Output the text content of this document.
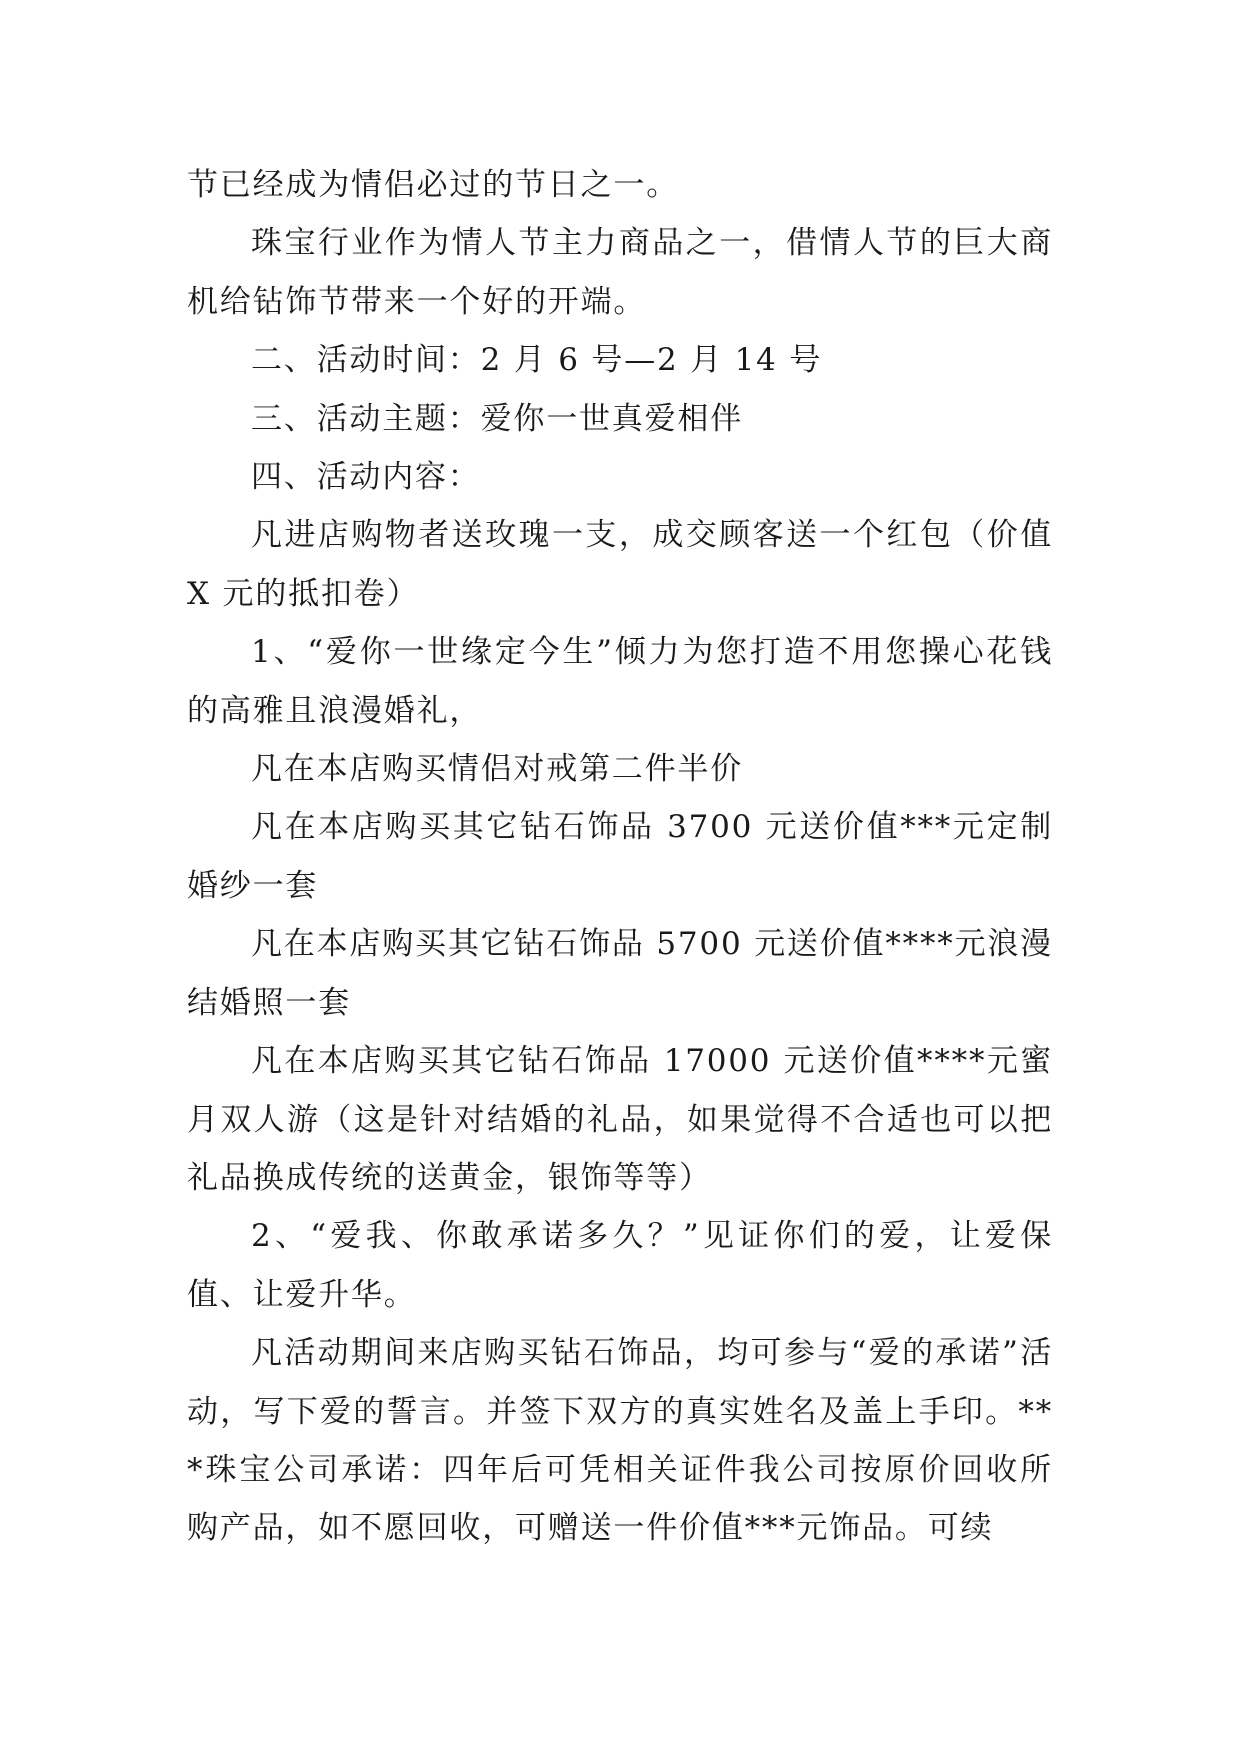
节已经成为情侣必过的节日之一。

珠宝行业作为情人节主力商品之一，借情人节的巨大商机给钻饰节带来一个好的开端。

二、活动时间：2 月 6 号—2 月 14 号

三、活动主题：爱你一世真爱相伴

四、活动内容：

凡进店购物者送玫瑰一支，成交顾客送一个红包（价值 X 元的抵扣卷）

1、“爱你一世缘定今生”倾力为您打造不用您操心花钱的高雅且浪漫婚礼，

凡在本店购买情侣对戒第二件半价

凡在本店购买其它钻石饰品 3700 元送价值***元定制婚纱一套

凡在本店购买其它钻石饰品 5700 元送价值****元浪漫结婚照一套

凡在本店购买其它钻石饰品 17000 元送价值****元蜜月双人游（这是针对结婚的礼品，如果觉得不合适也可以把礼品换成传统的送黄金，银饰等等）

2、“爱我、你敢承诺多久？”见证你们的爱，让爱保值、让爱升华。

凡活动期间来店购买钻石饰品，均可参与“爱的承诺”活动，写下爱的誓言。并签下双方的真实姓名及盖上手印。***珠宝公司承诺：四年后可凭相关证件我公司按原价回收所购产品，如不愿回收，可赠送一件价值***元饰品。可续
